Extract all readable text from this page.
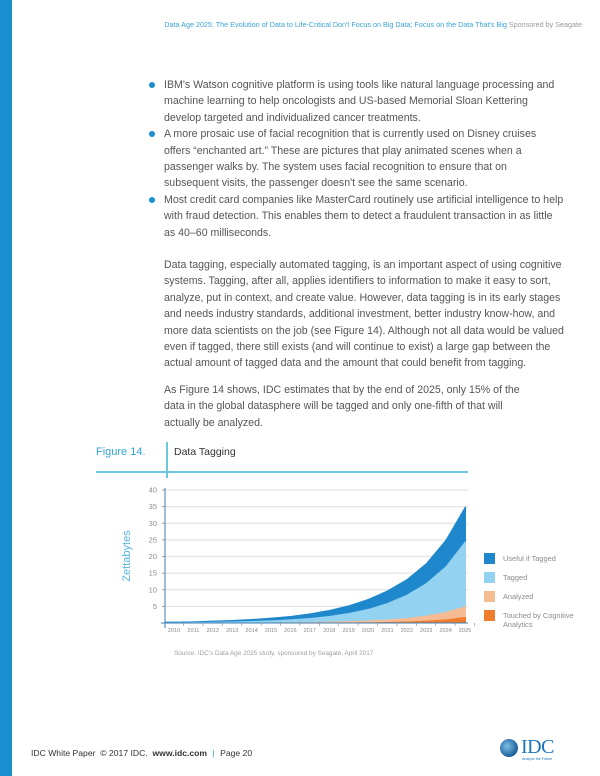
Data Age 2025: The Evolution of Data to Life-Critical Don't Focus on Big Data; Focus on the Data That's Big Sponsored by Seagate
IBM's Watson cognitive platform is using tools like natural language processing and machine learning to help oncologists and US-based Memorial Sloan Kettering develop targeted and individualized cancer treatments.
A more prosaic use of facial recognition that is currently used on Disney cruises offers “enchanted art.” These are pictures that play animated scenes when a passenger walks by. The system uses facial recognition to ensure that on subsequent visits, the passenger doesn't see the same scenario.
Most credit card companies like MasterCard routinely use artificial intelligence to help with fraud detection. This enables them to detect a fraudulent transaction in as little as 40–60 milliseconds.

Data tagging, especially automated tagging, is an important aspect of using cognitive systems. Tagging, after all, applies identifiers to information to make it easy to sort, analyze, put in context, and create value. However, data tagging is in its early stages and needs industry standards, additional investment, better industry know-how, and more data scientists on the job (see Figure 14). Although not all data would be valued even if tagged, there still exists (and will continue to exist) a large gap between the actual amount of tagged data and the amount that could benefit from tagging.

As Figure 14 shows, IDC estimates that by the end of 2025, only 15% of the data in the global datasphere will be tagged and only one-fifth of that will actually be analyzed.

Figure 14.	Data Tagging
5
10
15
20
25
30
35
40
2010 2011 2012 2013 2014 2015 2016 2017 2018 2019 2020 2021 2022 2023 2024 2025
Zettabytes	Useful if Tagged
Tagged
Analyzed
Touched by Cognitive Analytics
Source: IDC's Data Age 2025 study, sponsored by Seagate, April 2017
IDC White Paper © 2017 IDC. www.idc.com | Page 20	IDC
Analyze the Future
